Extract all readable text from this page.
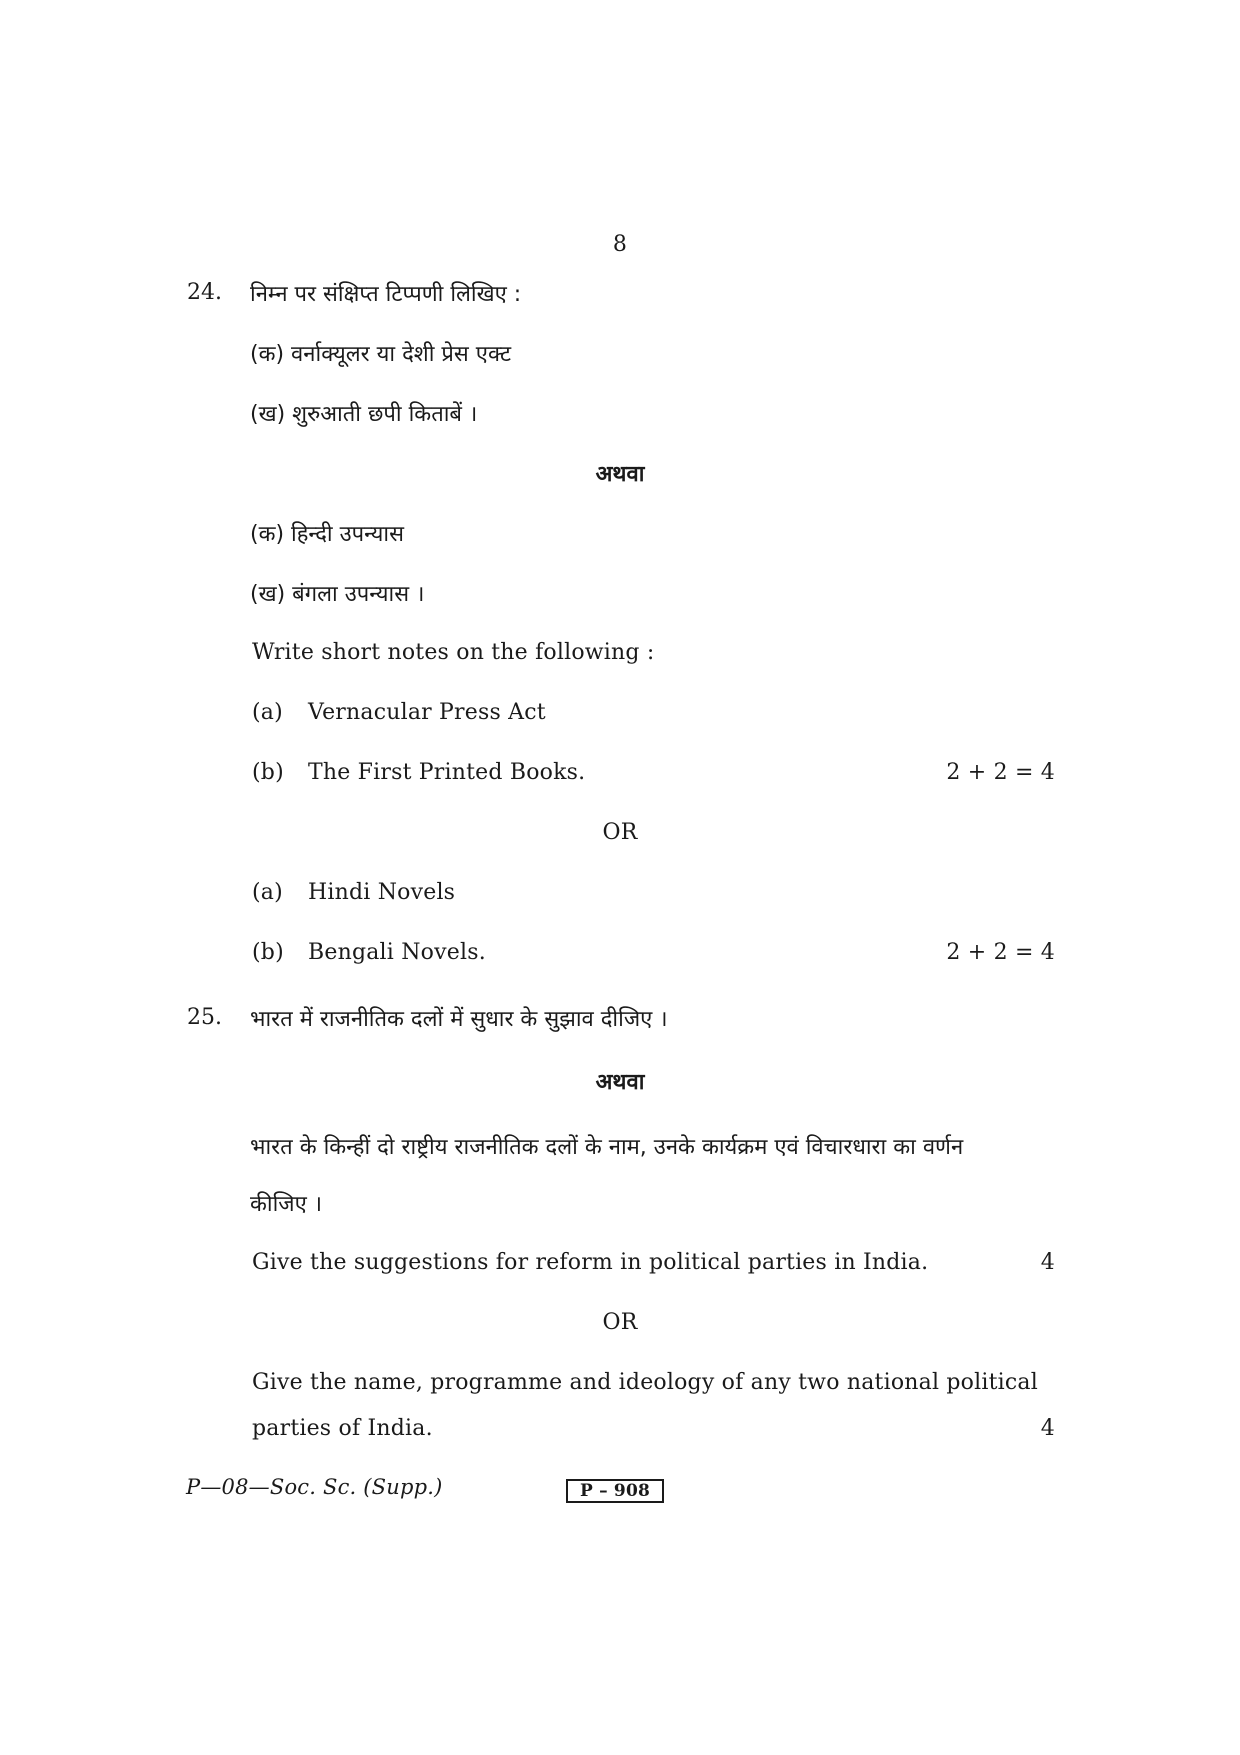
8
24. निम्न पर संक्षिप्त टिप्पणी लिखिए :
(क) वर्नाक्यूलर या देशी प्रेस एक्ट
(ख) शुरुआती छपी किताबें ।
अथवा
(क) हिन्दी उपन्यास
(ख) बंगला उपन्यास ।
Write short notes on the following :
(a) Vernacular Press Act
(b) The First Printed Books.	2 + 2 = 4
OR
(a) Hindi Novels
(b) Bengali Novels.	2 + 2 = 4
25. भारत में राजनीतिक दलों में सुधार के सुझाव दीजिए ।
अथवा
भारत के किन्हीं दो राष्ट्रीय राजनीतिक दलों के नाम, उनके कार्यक्रम एवं विचारधारा का वर्णन
कीजिए ।
Give the suggestions for reform in political parties in India.	4
OR
Give the name, programme and ideology of any two national political
parties of India.	4
P—08—Soc. Sc. (Supp.)	P – 908
